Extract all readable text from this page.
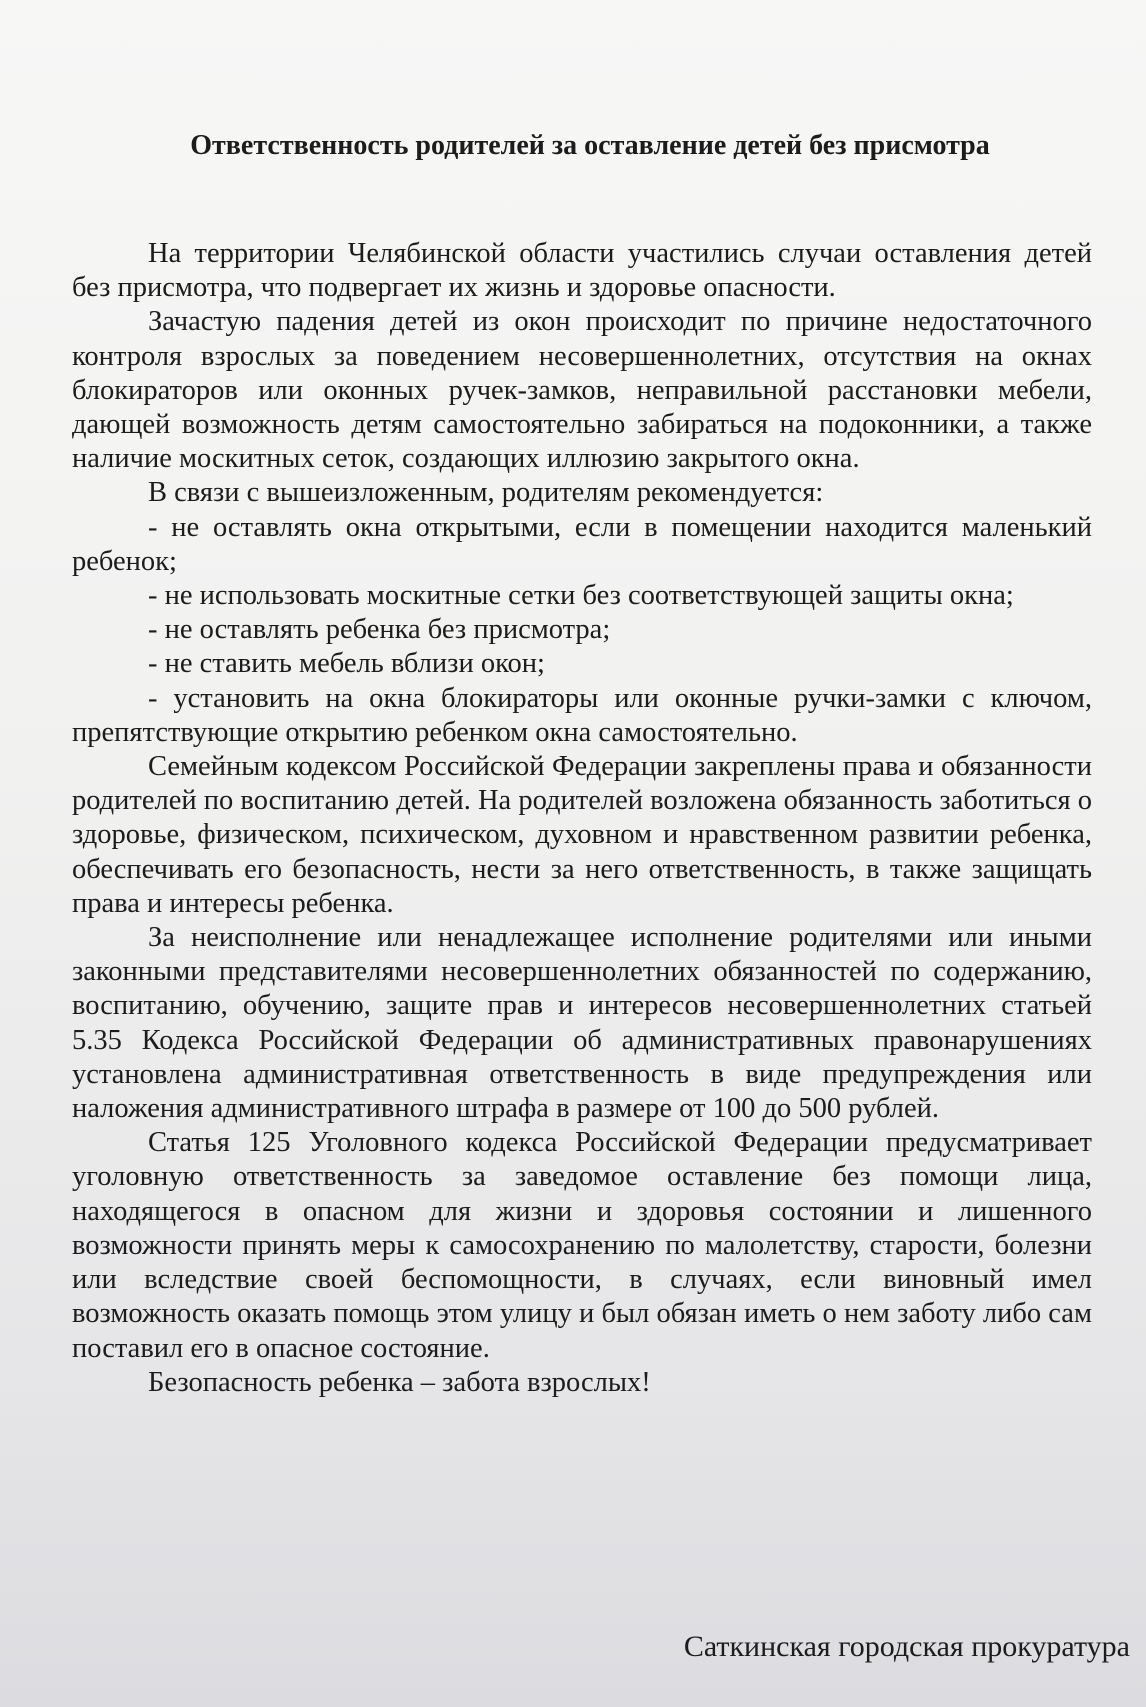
Ответственность родителей за оставление детей без присмотра

На территории Челябинской области участились случаи оставления детей без присмотра, что подвергает их жизнь и здоровье опасности.

Зачастую падения детей из окон происходит по причине недостаточного контроля взрослых за поведением несовершеннолетних, отсутствия на окнах блокираторов или оконных ручек-замков, неправильной расстановки мебели, дающей возможность детям самостоятельно забираться на подоконники, а также наличие москитных сеток, создающих иллюзию закрытого окна.

В связи с вышеизложенным, родителям рекомендуется:

- не оставлять окна открытыми, если в помещении находится маленький ребенок;

- не использовать москитные сетки без соответствующей защиты окна;

- не оставлять ребенка без присмотра;

- не ставить мебель вблизи окон;

- установить на окна блокираторы или оконные ручки-замки с ключом, препятствующие открытию ребенком окна самостоятельно.

Семейным кодексом Российской Федерации закреплены права и обязанности родителей по воспитанию детей. На родителей возложена обязанность заботиться о здоровье, физическом, психическом, духовном и нравственном развитии ребенка, обеспечивать его безопасность, нести за него ответственность, в также защищать права и интересы ребенка.

За неисполнение или ненадлежащее исполнение родителями или иными законными представителями несовершеннолетних обязанностей по содержанию, воспитанию, обучению, защите прав и интересов несовершеннолетних статьей 5.35 Кодекса Российской Федерации об административных правонарушениях установлена административная ответственность в виде предупреждения или наложения административного штрафа в размере от 100 до 500 рублей.

Статья 125 Уголовного кодекса Российской Федерации предусматривает уголовную ответственность за заведомое оставление без помощи лица, находящегося в опасном для жизни и здоровья состоянии и лишенного возможности принять меры к самосохранению по малолетству, старости, болезни или вследствие своей беспомощности, в случаях, если виновный имел возможность оказать помощь этом улицу и был обязан иметь о нем заботу либо сам поставил его в опасное состояние.

Безопасность ребенка – забота взрослых!

Саткинская городская прокуратура
